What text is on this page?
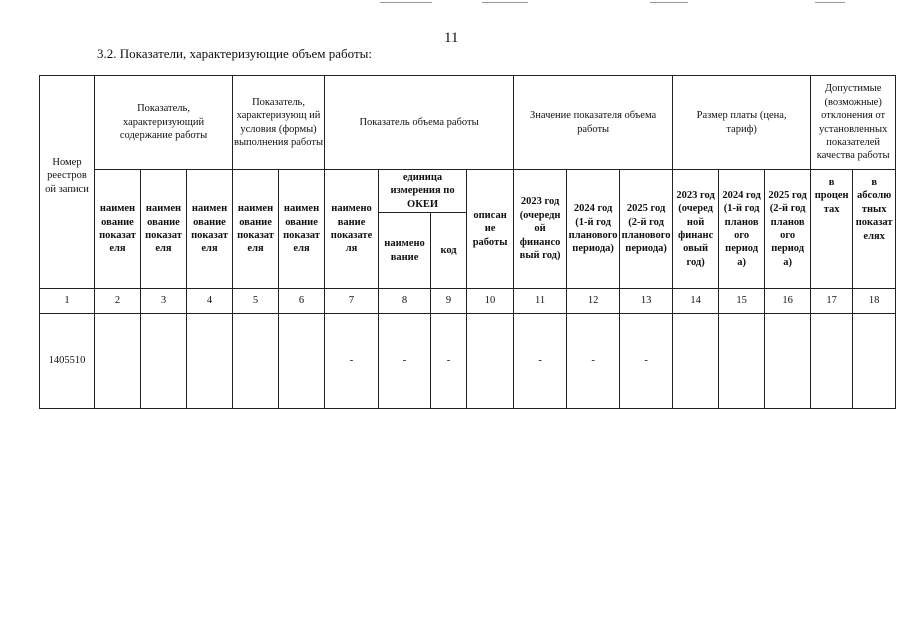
11
3.2. Показатели, характеризующие объем работы:
Номер реестров ой записи	Показатель, характеризующий содержание работы			Показатель, характеризующ ий условия (формы) выполнения работы		Показатель объема работы				Значение показателя объема работы			Размер платы (цена, тариф)			Допустимые (возможные) отклонения от установленных показателей качества работы	
	наимен ование показат еля	наимен ование показат еля	наимен ование показат еля	наимен ование показат еля	наимен ование показат еля	наимено вание показате ля	единица измерения по ОКЕИ		описан ие работы	2023 год (очередн ой финансо вый год)	2024 год (1-й год планового периода)	2025 год (2-й год планового периода)	2023 год (очеред ной финанс овый год)	2024 год (1-й год планов ого период а)	2025 год (2-й год планов ого период а)	в процен тах	в абсолю тных показат елях
							наимено вание	код									
1	2	3	4	5	6	7	8	9	10	11	12	13	14	15	16	17	18
1405510						-	-	-		-	-	-					
